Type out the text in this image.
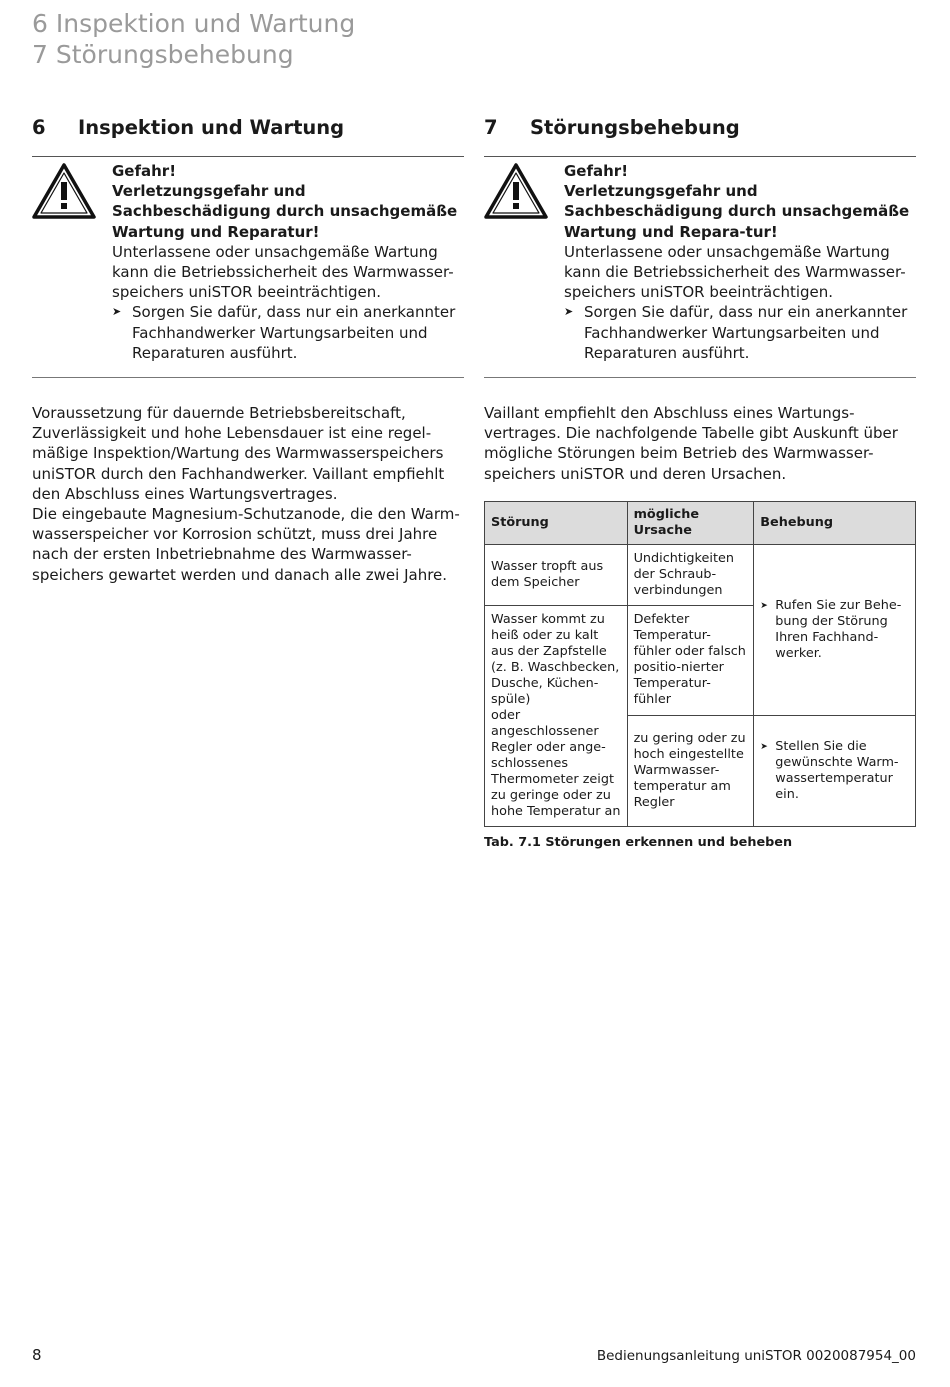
6 Inspektion und Wartung
7 Störungsbehebung
6	Inspektion und Wartung
Gefahr!
Verletzungsgefahr und Sachbeschädigung durch unsachgemäße Wartung und Reparatur!
Unterlassene oder unsachgemäße Wartung kann die Betriebssicherheit des Warmwasser-speichers uniSTOR beeinträchtigen.
➤ Sorgen Sie dafür, dass nur ein anerkannter Fachhandwerker Wartungsarbeiten und Reparaturen ausführt.

Voraussetzung für dauernde Betriebsbereitschaft, Zuverlässigkeit und hohe Lebensdauer ist eine regel-mäßige Inspektion/Wartung des Warmwasserspeichers uniSTOR durch den Fachhandwerker. Vaillant empfiehlt den Abschluss eines Wartungsvertrages.

Die eingebaute Magnesium-Schutzanode, die den Warm-wasserspeicher vor Korrosion schützt, muss drei Jahre nach der ersten Inbetriebnahme des Warmwasser-speichers gewartet werden und danach alle zwei Jahre.

7	Störungsbehebung
Gefahr!
Verletzungsgefahr und Sachbeschädigung durch unsachgemäße Wartung und Repara-tur!
Unterlassene oder unsachgemäße Wartung kann die Betriebssicherheit des Warmwasser-speichers uniSTOR beeinträchtigen.
➤ Sorgen Sie dafür, dass nur ein anerkannter Fachhandwerker Wartungsarbeiten und Reparaturen ausführt.

Vaillant empfiehlt den Abschluss eines Wartungs-vertrages. Die nachfolgende Tabelle gibt Auskunft über mögliche Störungen beim Betrieb des Warmwasser-speichers uniSTOR und deren Ursachen.

Störung	mögliche Ursache	Behebung
Wasser tropft aus dem Speicher	Undichtigkeiten der Schraub-verbindungen	➤ Rufen Sie zur Behe-bung der Störung Ihren Fachhand-werker.

Wasser kommt zu heiß oder zu kalt aus der Zapfstelle (z. B. Waschbecken, Dusche, Küchen-spüle)
oder
angeschlossener Regler oder ange-schlossenes Thermometer zeigt zu geringe oder zu hohe Temperatur an	Defekter Temperatur-fühler oder falsch positio-nierter Temperatur-fühler	
	zu gering oder zu hoch eingestellte Warmwasser-temperatur am Regler	➤ Stellen Sie die gewünschte Warm-wassertemperatur ein.
Tab. 7.1 Störungen erkennen und beheben
8	Bedienungsanleitung uniSTOR 0020087954_00
